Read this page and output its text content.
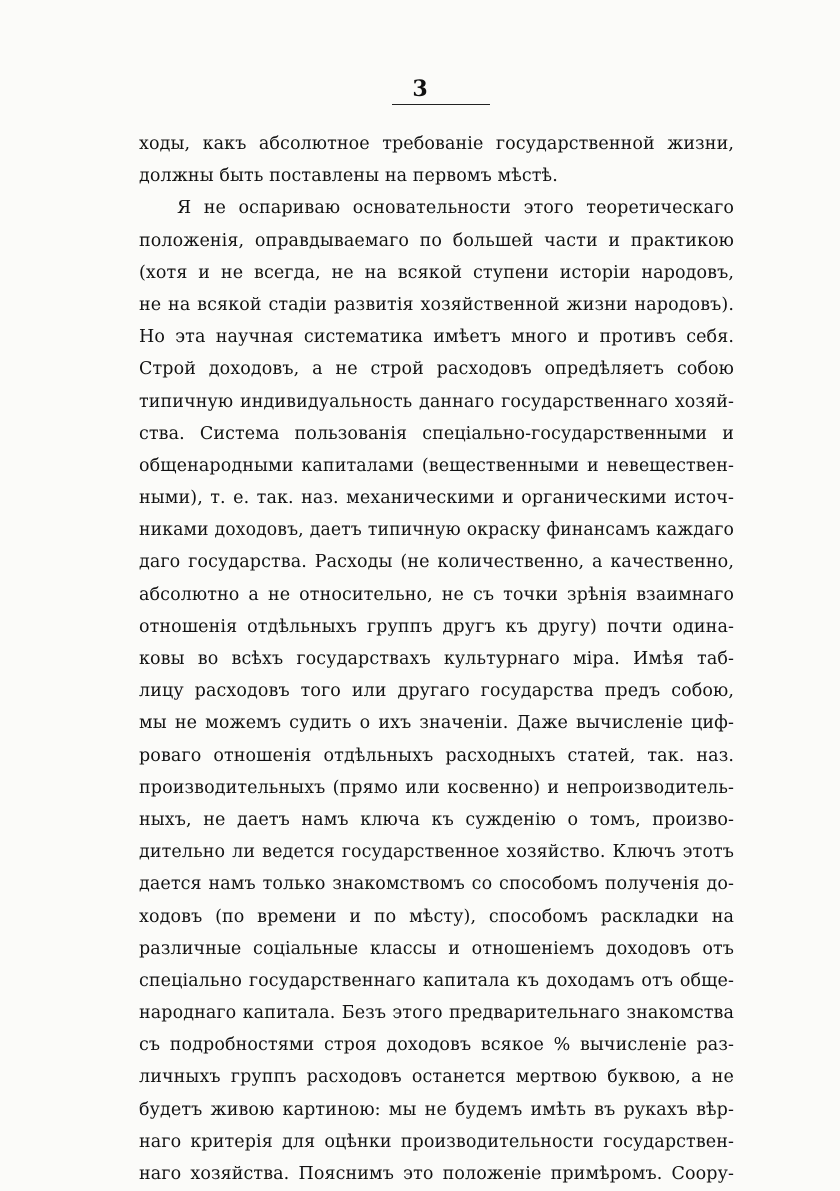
3
ходы, какъ абсолютное требованіе государственной жизни,
должны быть поставлены на первомъ мѣстѣ.
Я не оспариваю основательности этого теоретическаго
положенія, оправдываемаго по большей части и практикою
(хотя и не всегда, не на всякой ступени исторіи народовъ,
не на всякой стадіи развитія хозяйственной жизни народовъ).
Но эта научная систематика имѣетъ много и противъ себя.
Строй доходовъ, а не строй расходовъ опредѣляетъ собою
типичную индивидуальность даннаго государственнаго хозяй-
ства. Система пользованія спеціально-государственными и
общенародными капиталами (вещественными и невеществен-
ными), т. е. так. наз. механическими и органическими источ-
никами доходовъ, даетъ типичную окраску финансамъ каждаго
даго государства. Расходы (не количественно, а качественно,
абсолютно а не относительно, не съ точки зрѣнія взаимнаго
отношенія отдѣльныхъ группъ другъ къ другу) почти одина-
ковы во всѣхъ государствахъ культурнаго міра. Имѣя таб-
лицу расходовъ того или другаго государства предъ собою,
мы не можемъ судить о ихъ значеніи. Даже вычисленіе циф-
роваго отношенія отдѣльныхъ расходныхъ статей, так. наз.
производительныхъ (прямо или косвенно) и непроизводитель-
ныхъ, не даетъ намъ ключа къ сужденію о томъ, произво-
дительно ли ведется государственное хозяйство. Ключъ этотъ
дается намъ только знакомствомъ со способомъ полученія до-
ходовъ (по времени и по мѣсту), способомъ раскладки на
различные соціальные классы и отношеніемъ доходовъ отъ
спеціально государственнаго капитала къ доходамъ отъ обще-
народнаго капитала. Безъ этого предварительнаго знакомства
съ подробностями строя доходовъ всякое % вычисленіе раз-
личныхъ группъ расходовъ останется мертвою буквою, а не
будетъ живою картиною: мы не будемъ имѣть въ рукахъ вѣр-
наго критерія для оцѣнки производительности государствен-
наго хозяйства. Пояснимъ это положеніе примѣромъ. Соору-
